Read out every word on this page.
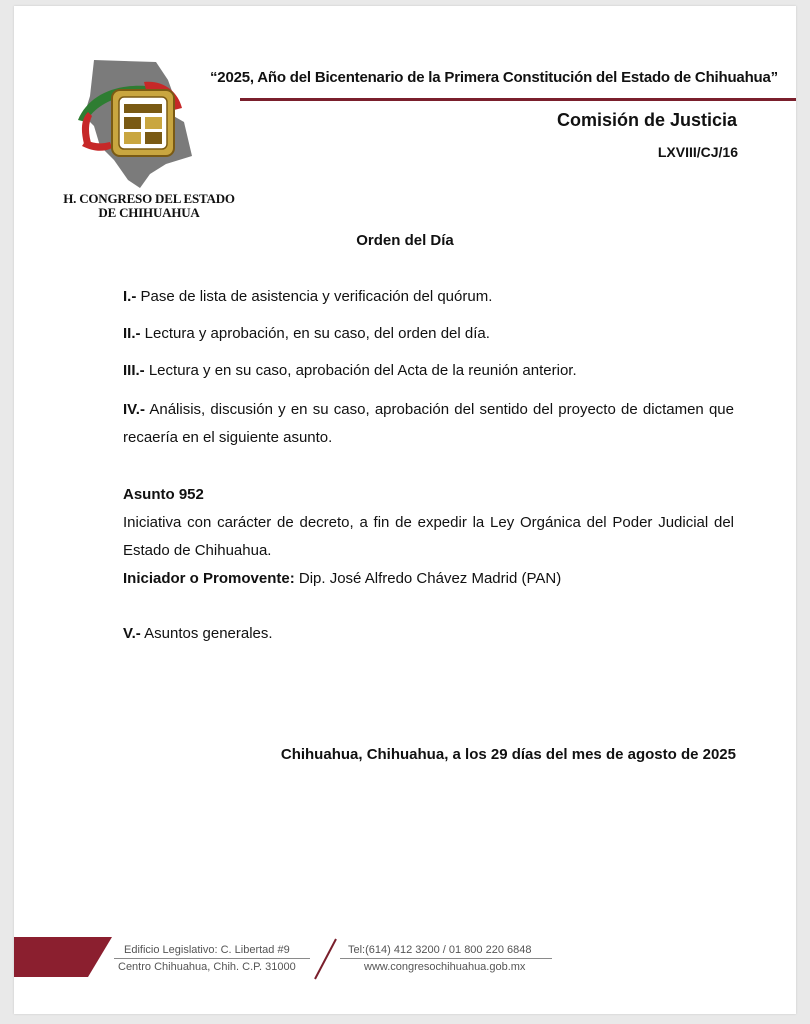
H. CONGRESO DEL ESTADO
DE CHIHUAHUA
“2025, Año del Bicentenario de la Primera Constitución del Estado de Chihuahua”
Comisión de Justicia
LXVIII/CJ/16
Orden del Día
I.- Pase de lista de asistencia y verificación del quórum.
II.- Lectura y aprobación, en su caso, del orden del día.
III.- Lectura y en su caso, aprobación del Acta de la reunión anterior.
IV.- Análisis, discusión y en su caso, aprobación del sentido del proyecto de dictamen que recaería en el siguiente asunto.
Asunto 952
Iniciativa con carácter de decreto, a fin de expedir la Ley Orgánica del Poder Judicial del Estado de Chihuahua.
Iniciador o Promovente: Dip. José Alfredo Chávez Madrid (PAN)
V.- Asuntos generales.
Chihuahua, Chihuahua, a los 29 días del mes de agosto de 2025
Edificio Legislativo: C. Libertad #9
Centro Chihuahua, Chih. C.P. 31000
Tel:(614) 412 3200 / 01 800 220 6848
www.congresochihuahua.gob.mx
